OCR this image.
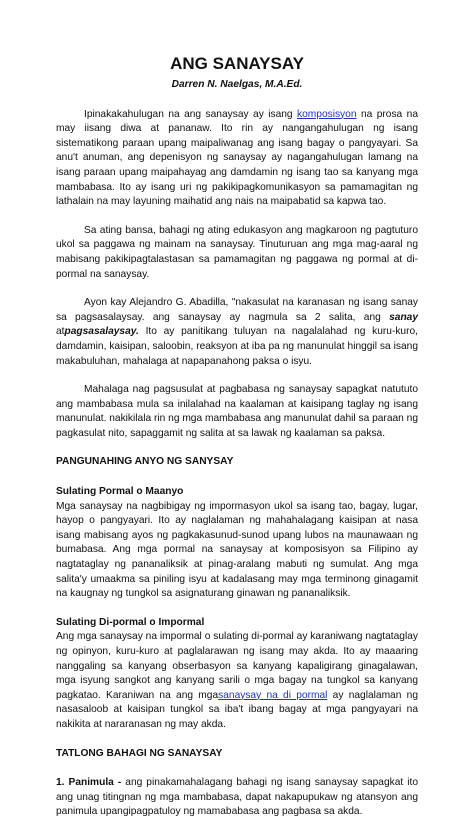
ANG SANAYSAY
Darren N. Naelgas, M.A.Ed.

Ipinakakahulugan na ang sanaysay ay isang komposisyon na prosa na may iisang diwa at pananaw. Ito rin ay nangangahulugan ng isang sistematikong paraan upang maipaliwanag ang isang bagay o pangyayari. Sa anu't anuman, ang depenisyon ng sanaysay ay nagangahulugan lamang na isang paraan upang maipahayag ang damdamin ng isang tao sa kanyang mga mambabasa. Ito ay isang uri ng pakikipagkomunikasyon sa pamamagitan ng lathalain na may layuning maihatid ang nais na maipabatid sa kapwa tao.

Sa ating bansa, bahagi ng ating edukasyon ang magkaroon ng pagtuturo ukol sa paggawa ng mainam na sanaysay. Tinuturuan ang mga mag-aaral ng mabisang pakikipagtalastasan sa pamamagitan ng paggawa ng pormal at di-pormal na sanaysay.

Ayon kay Alejandro G. Abadilla, "nakasulat na karanasan ng isang sanay sa pagsasalaysay. ang sanaysay ay nagmula sa 2 salita, ang sanay atpagsasalaysay. Ito ay panitikang tuluyan na nagalalahad ng kuru-kuro, damdamin, kaisipan, saloobin, reaksyon at iba pa ng manunulat hinggil sa isang makabuluhan, mahalaga at napapanahong paksa o isyu.

Mahalaga nag pagsusulat at pagbabasa ng sanaysay sapagkat natututo ang mambabasa mula sa inilalahad na kaalaman at kaisipang taglay ng isang manunulat. nakikilala rin ng mga mambabasa ang manunulat dahil sa paraan ng pagkasulat nito, sapaggamit ng salita at sa lawak ng kaalaman sa paksa.

PANGUNAHING ANYO NG SANYSAY
Sulating Pormal o Maanyo

Mga sanaysay na nagbibigay ng impormasyon ukol sa isang tao, bagay, lugar, hayop o pangyayari. Ito ay naglalaman ng mahahalagang kaisipan at nasa isang mabisang ayos ng pagkakasunud-sunod upang lubos na maunawaan ng bumabasa. Ang mga pormal na sanaysay at komposisyon sa Filipino ay nagtataglay ng pananaliksik at pinag-aralang mabuti ng sumulat. Ang mga salita'y umaakma sa piniling isyu at kadalasang may mga terminong ginagamit na kaugnay ng tungkol sa asignaturang ginawan ng pananaliksik.

Sulating Di-pormal o Impormal

Ang mga sanaysay na impormal o sulating di-pormal ay karaniwang nagtataglay ng opinyon, kuru-kuro at paglalarawan ng isang may akda. Ito ay maaaring nanggaling sa kanyang obserbasyon sa kanyang kapaligirang ginagalawan, mga isyung sangkot ang kanyang sarili o mga bagay na tungkol sa kanyang pagkatao. Karaniwan na ang mgasanaysay na di pormal ay naglalaman ng nasasaloob at kaisipan tungkol sa iba't ibang bagay at mga pangyayari na nakikita at nararanasan ng may akda.

TATLONG BAHAGI NG SANAYSAY

1. Panimula - ang pinakamahalagang bahagi ng isang sanaysay sapagkat ito ang unag titingnan ng mga mambabasa, dapat nakapupukaw ng atansyon ang panimula upangipagpatuloy ng mamababasa ang pagbasa sa akda.
